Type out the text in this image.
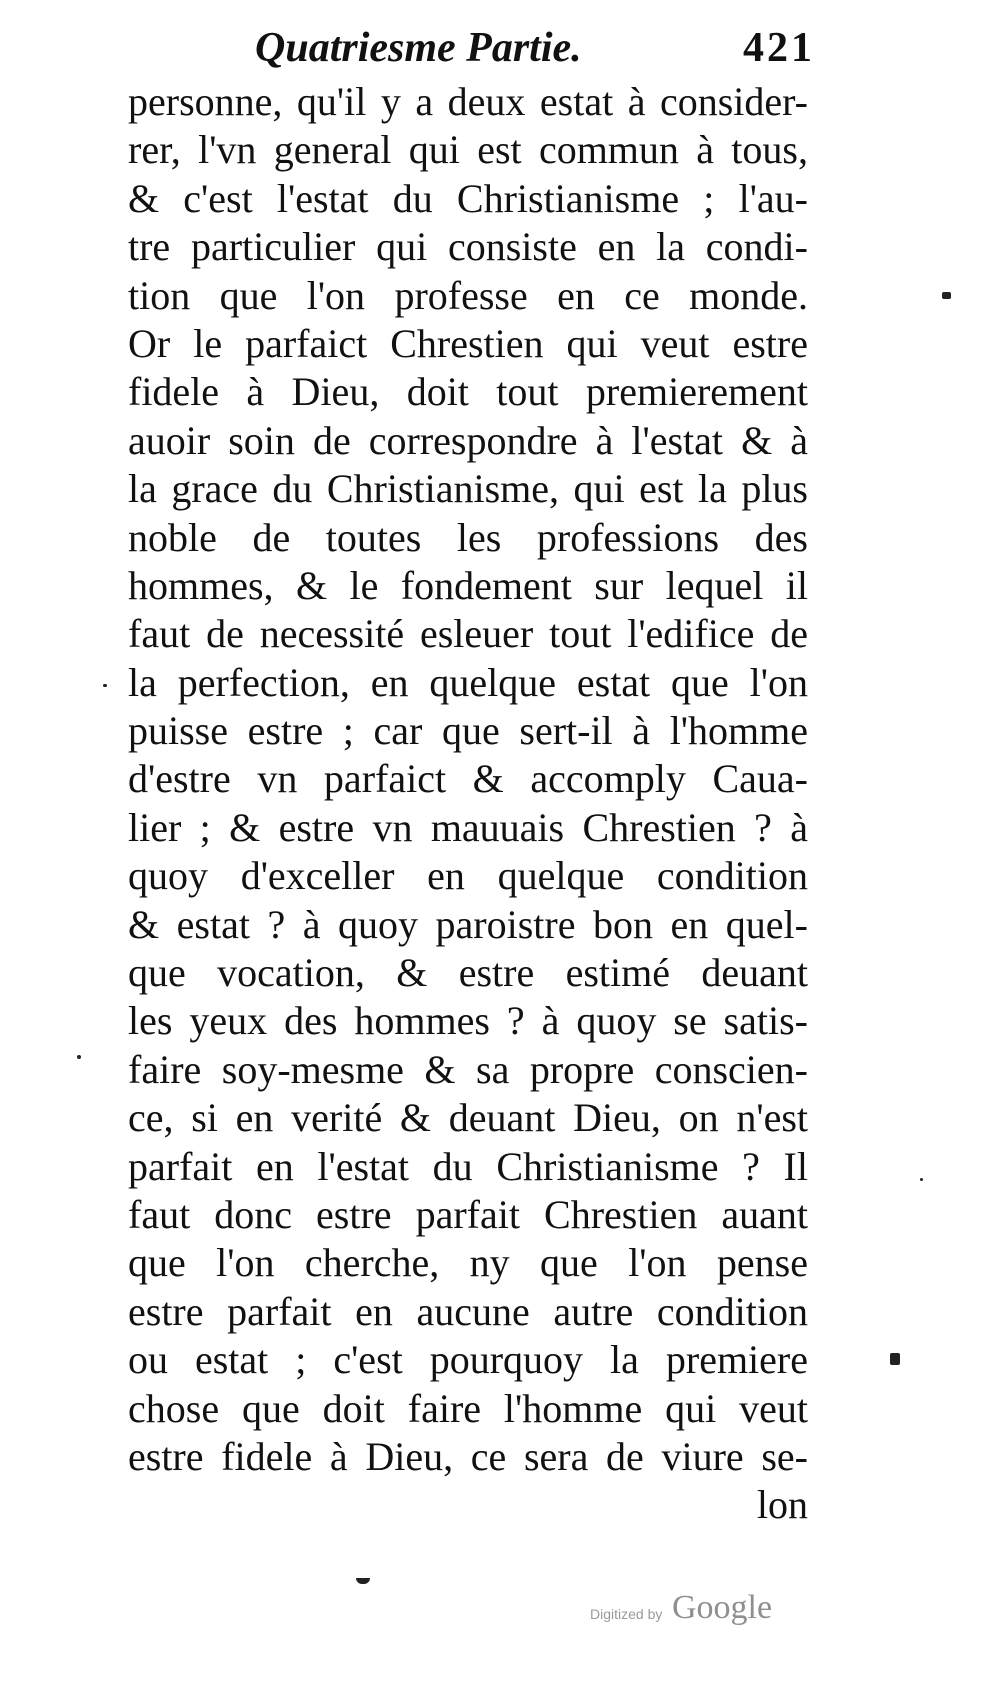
Quatriesme Partie.	421
personne, qu'il y a deux estat à consider-
rer, l'vn general qui est commun à tous,
& c'est l'estat du Christianisme ; l'au-
tre particulier qui consiste en la condi-
tion que l'on professe en ce monde.
Or le parfaict Chrestien qui veut estre
fidele à Dieu, doit tout premierement
auoir soin de correspondre à l'estat & à
la grace du Christianisme, qui est la plus
noble de toutes les professions des
hommes, & le fondement sur lequel il
faut de necessité esleuer tout l'edifice de
la perfection, en quelque estat que l'on
puisse estre ; car que sert-il à l'homme
d'estre vn parfaict & accomply Caua-
lier ; & estre vn mauuais Chrestien ? à
quoy d'exceller en quelque condition
& estat ? à quoy paroistre bon en quel-
que vocation, & estre estimé deuant
les yeux des hommes ? à quoy se satis-
faire soy-mesme & sa propre conscien-
ce, si en verité & deuant Dieu, on n'est
parfait en l'estat du Christianisme ? Il
faut donc estre parfait Chrestien auant
que l'on cherche, ny que l'on pense
estre parfait en aucune autre condition
ou estat ; c'est pourquoy la premiere
chose que doit faire l'homme qui veut
estre fidele à Dieu, ce sera de viure se-
lon
Digitized by Google
